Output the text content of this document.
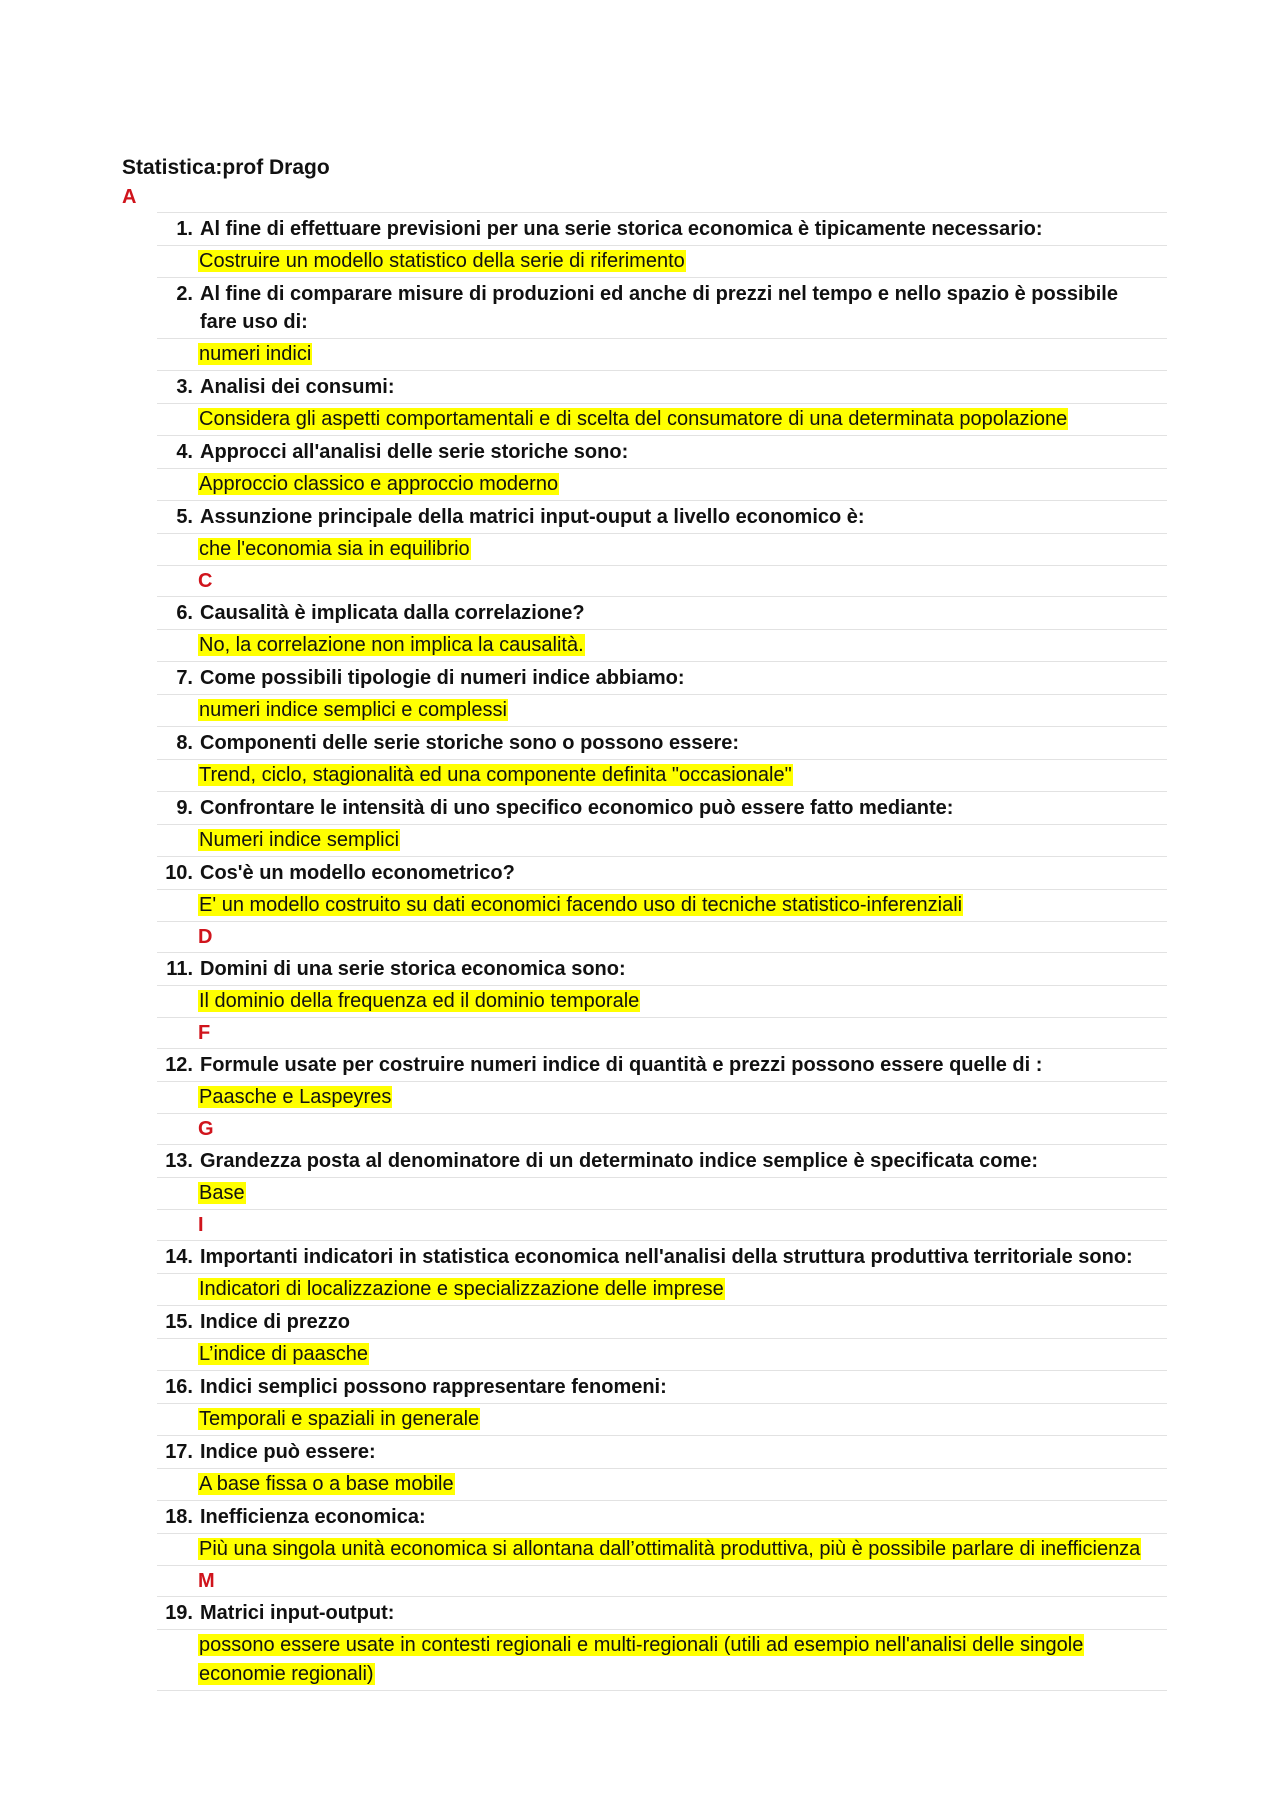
Statistica:prof Drago
A
1. Al fine di effettuare previsioni per una serie storica economica è tipicamente necessario:
Costruire un modello statistico della serie di riferimento
2. Al fine di comparare misure di produzioni ed anche di prezzi nel tempo e nello spazio è possibile fare uso di:
numeri indici
3. Analisi dei consumi:
Considera gli aspetti comportamentali e di scelta del consumatore di una determinata popolazione
4. Approcci all'analisi delle serie storiche sono:
Approccio classico e approccio moderno
5. Assunzione principale della matrici input-ouput a livello economico è:
che l'economia sia in equilibrio
C
6. Causalità è implicata dalla correlazione?
No, la correlazione non implica la causalità.
7. Come possibili tipologie di numeri indice abbiamo:
numeri indice semplici e complessi
8. Componenti delle serie storiche sono o possono essere:
Trend, ciclo, stagionalità ed una componente definita "occasionale"
9. Confrontare le intensità di uno specifico economico può essere fatto mediante:
Numeri indice semplici
10. Cos'è un modello econometrico?
E' un modello costruito su dati economici facendo uso di tecniche statistico-inferenziali
D
11. Domini di una serie storica economica sono:
Il dominio della frequenza ed il dominio temporale
F
12. Formule usate per costruire numeri indice di quantità e prezzi possono essere quelle di :
Paasche e Laspeyres
G
13. Grandezza posta al denominatore di un determinato indice semplice è specificata come:
Base
I
14. Importanti indicatori in statistica economica nell'analisi della struttura produttiva territoriale sono:
Indicatori di localizzazione e specializzazione delle imprese
15. Indice di prezzo
L’indice di paasche
16. Indici semplici possono rappresentare fenomeni:
Temporali e spaziali in generale
17. Indice può essere:
A base fissa o a base mobile
18. Inefficienza economica:
Più una singola unità economica si allontana dall’ottimalità produttiva, più è possibile parlare di inefficienza
M
19. Matrici input-output:
possono essere usate in contesti regionali e multi-regionali (utili ad esempio nell'analisi delle singole economie regionali)
